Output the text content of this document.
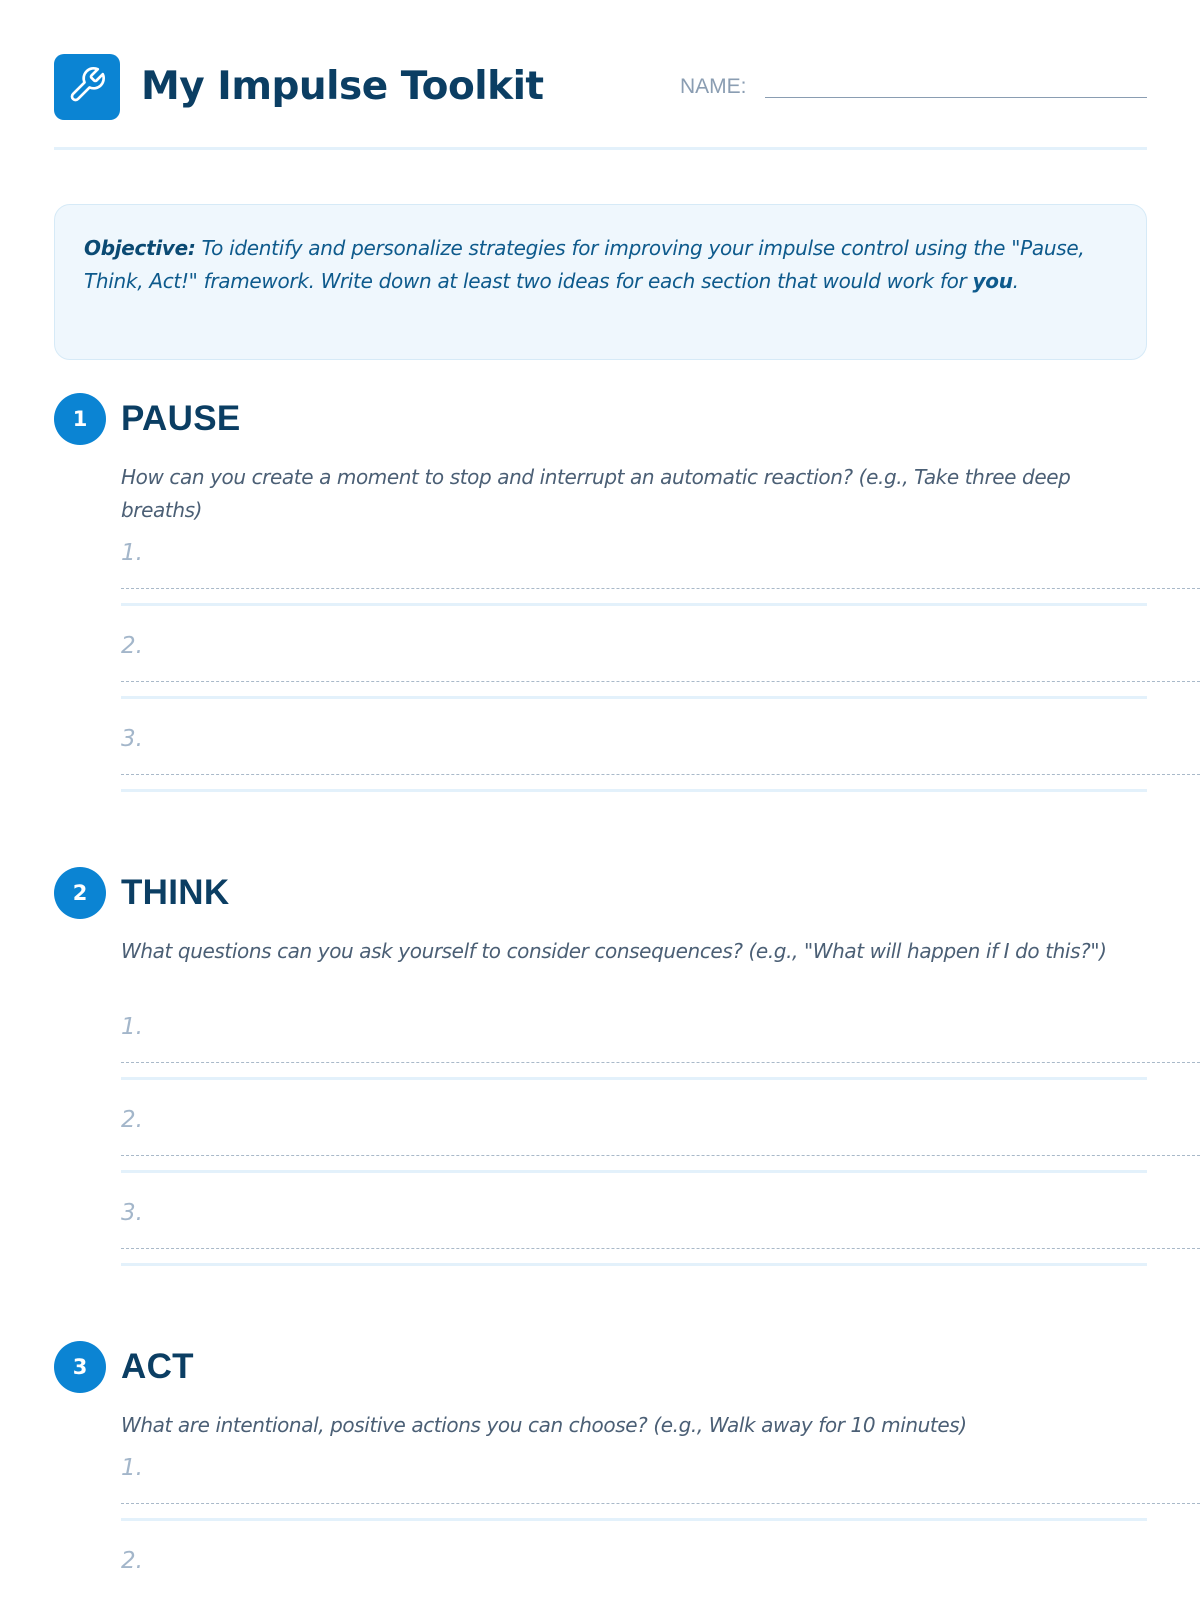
My Impulse Toolkit	NAME:

Objective: To identify and personalize strategies for improving your impulse control using the "Pause, Think, Act!" framework. Write down at least two ideas for each section that would work for you.

1 PAUSE

How can you create a moment to stop and interrupt an automatic reaction? (e.g., Take three deep breaths)

1.
2.
3.
2 THINK

What questions can you ask yourself to consider consequences? (e.g., "What will happen if I do this?")

1.
2.
3.
3 ACT

What are intentional, positive actions you can choose? (e.g., Walk away for 10 minutes)

1.
2.
